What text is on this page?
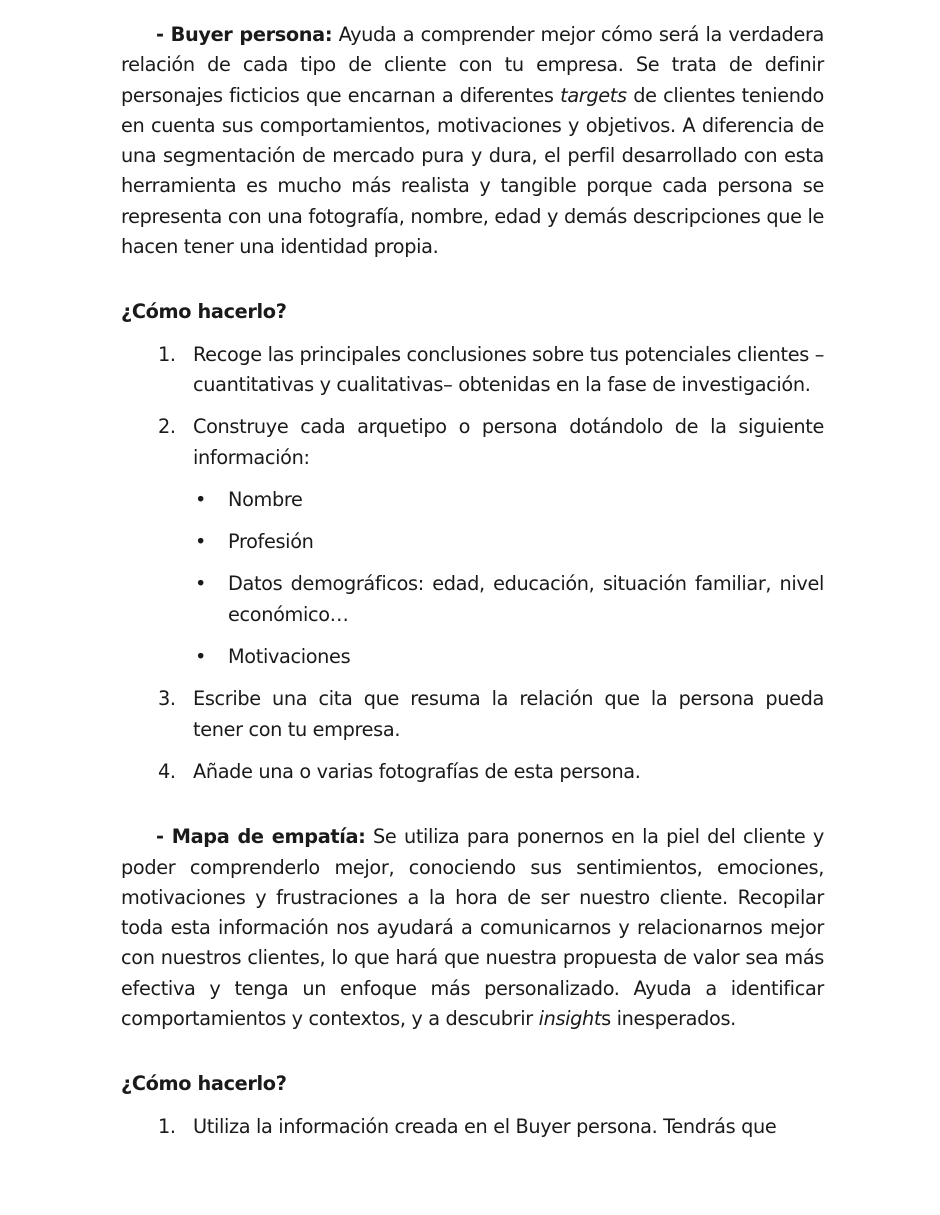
- Buyer persona: Ayuda a comprender mejor cómo será la verdadera relación de cada tipo de cliente con tu empresa. Se trata de definir personajes ficticios que encarnan a diferentes targets de clientes teniendo en cuenta sus comportamientos, motivaciones y objetivos. A diferencia de una segmentación de mercado pura y dura, el perfil desarrollado con esta herramienta es mucho más realista y tangible porque cada persona se representa con una fotografía, nombre, edad y demás descripciones que le hacen tener una identidad propia.

¿Cómo hacerlo?

1. Recoge las principales conclusiones sobre tus potenciales clientes –cuantitativas y cualitativas– obtenidas en la fase de investigación.
2. Construye cada arquetipo o persona dotándolo de la siguiente información:
• Nombre
• Profesión
• Datos demográficos: edad, educación, situación familiar, nivel económico…
• Motivaciones
3. Escribe una cita que resuma la relación que la persona pueda tener con tu empresa.
4. Añade una o varias fotografías de esta persona.

- Mapa de empatía: Se utiliza para ponernos en la piel del cliente y poder comprenderlo mejor, conociendo sus sentimientos, emociones, motivaciones y frustraciones a la hora de ser nuestro cliente. Recopilar toda esta información nos ayudará a comunicarnos y relacionarnos mejor con nuestros clientes, lo que hará que nuestra propuesta de valor sea más efectiva y tenga un enfoque más personalizado. Ayuda a identificar comportamientos y contextos, y a descubrir insights inesperados.

¿Cómo hacerlo?

1. Utiliza la información creada en el Buyer persona. Tendrás que
